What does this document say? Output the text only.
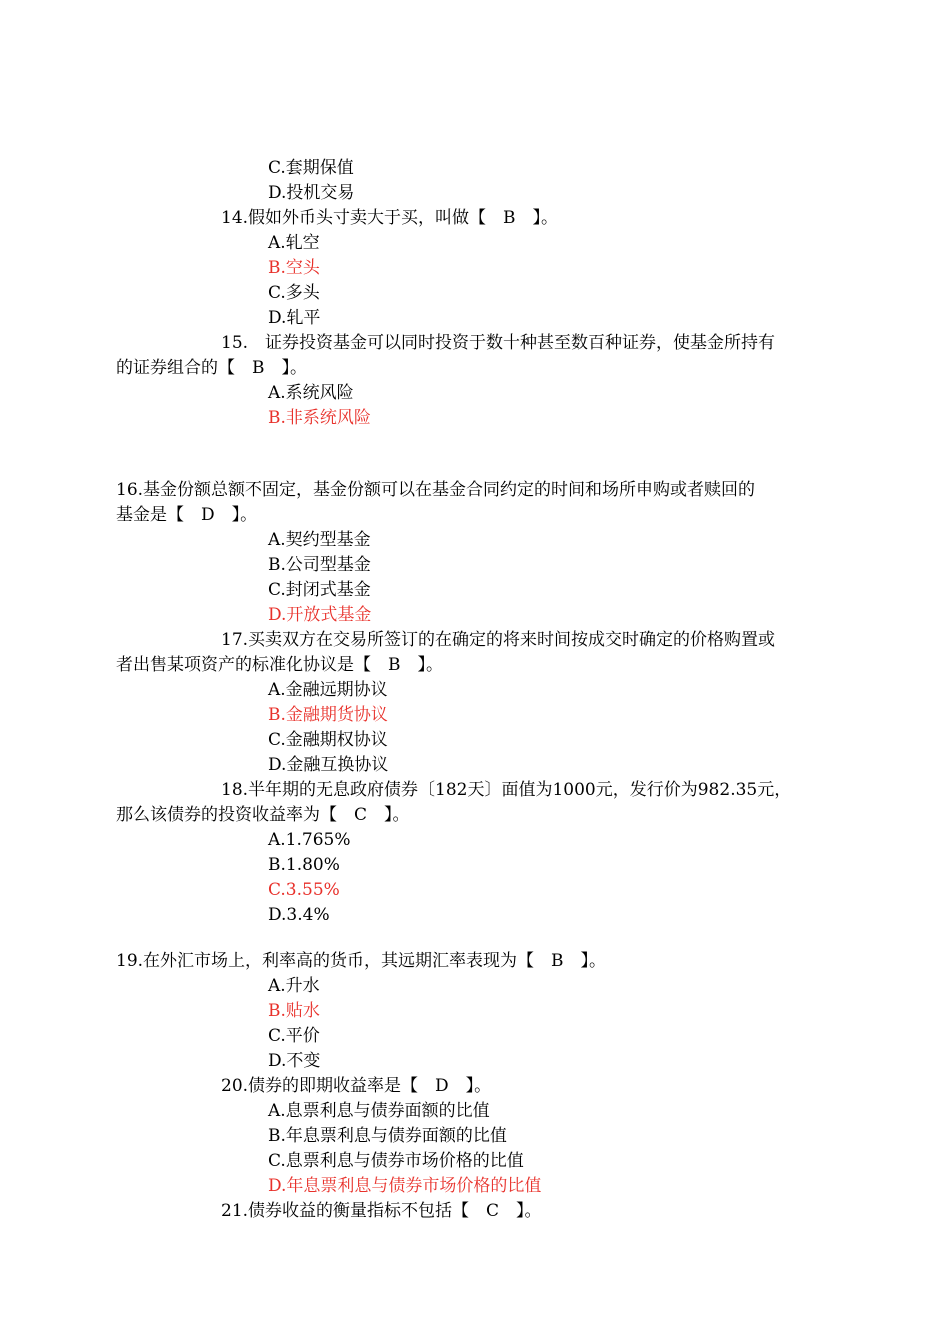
C.套期保值
D.投机交易
14.假如外币头寸卖大于买，叫做【　B　】。
A.轧空
B.空头
C.多头
D.轧平
15.　证券投资基金可以同时投资于数十种甚至数百种证券，使基金所持有
的证券组合的【　B　】。
A.系统风险
B.非系统风险
16.基金份额总额不固定，基金份额可以在基金合同约定的时间和场所申购或者赎回的
基金是【　D　】。
A.契约型基金
B.公司型基金
C.封闭式基金
D.开放式基金
17.买卖双方在交易所签订的在确定的将来时间按成交时确定的价格购置或
者出售某项资产的标准化协议是【　B　】。
A.金融远期协议
B.金融期货协议
C.金融期权协议
D.金融互换协议
18.半年期的无息政府债券〔182天〕面值为1000元，发行价为982.35元，
那么该债券的投资收益率为【　C　】。
A.1.765%
B.1.80%
C.3.55%
D.3.4%
19.在外汇市场上，利率高的货币，其远期汇率表现为【　B　】。
A.升水
B.贴水
C.平价
D.不变
20.债券的即期收益率是【　D　】。
A.息票利息与债券面额的比值
B.年息票利息与债券面额的比值
C.息票利息与债券市场价格的比值
D.年息票利息与债券市场价格的比值
21.债券收益的衡量指标不包括【　C　】。
